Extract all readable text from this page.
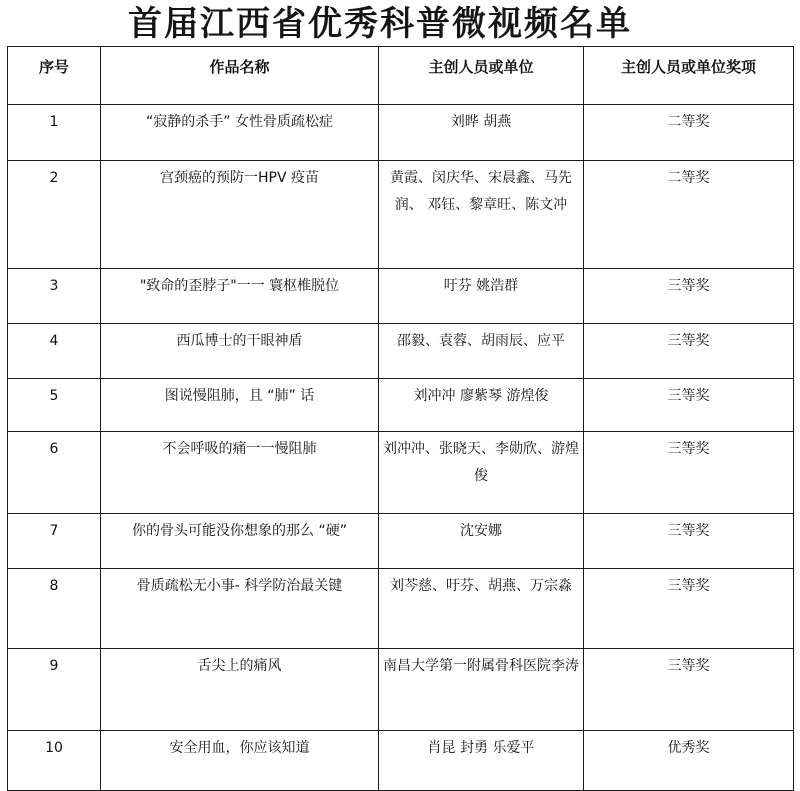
首届江西省优秀科普微视频名单
序号	作品名称	主创人员或单位	主创人员或单位奖项
1	“寂静的杀手” 女性骨质疏松症	刘晔 胡燕	二等奖
2	宫颈癌的预防一HPV 疫苗	黄霞、闵庆华、宋晨鑫、马先润、 邓钰、黎章旺、陈文冲	二等奖
3	"致命的歪脖子"一一 寰枢椎脱位	吁芬 姚浩群	三等奖
4	西瓜博士的干眼神盾	邵毅、袁蓉、胡雨辰、应平	三等奖
5	图说慢阻肺，且 “肺” 话	刘冲冲 廖紫琴 游煌俊	三等奖
6	不会呼吸的痛一一慢阻肺	刘冲冲、张晓天、李勋欣、游煌俊	三等奖
7	你的骨头可能没你想象的那么 “硬”	沈安娜	三等奖
8	骨质疏松无小事- 科学防治最关键	刘芩慈、吁芬、胡燕、万宗淼	三等奖
9	舌尖上的痛风	南昌大学第一附属骨科医院李涛	三等奖
10	安全用血，你应该知道	肖昆 封勇 乐爱平	优秀奖
